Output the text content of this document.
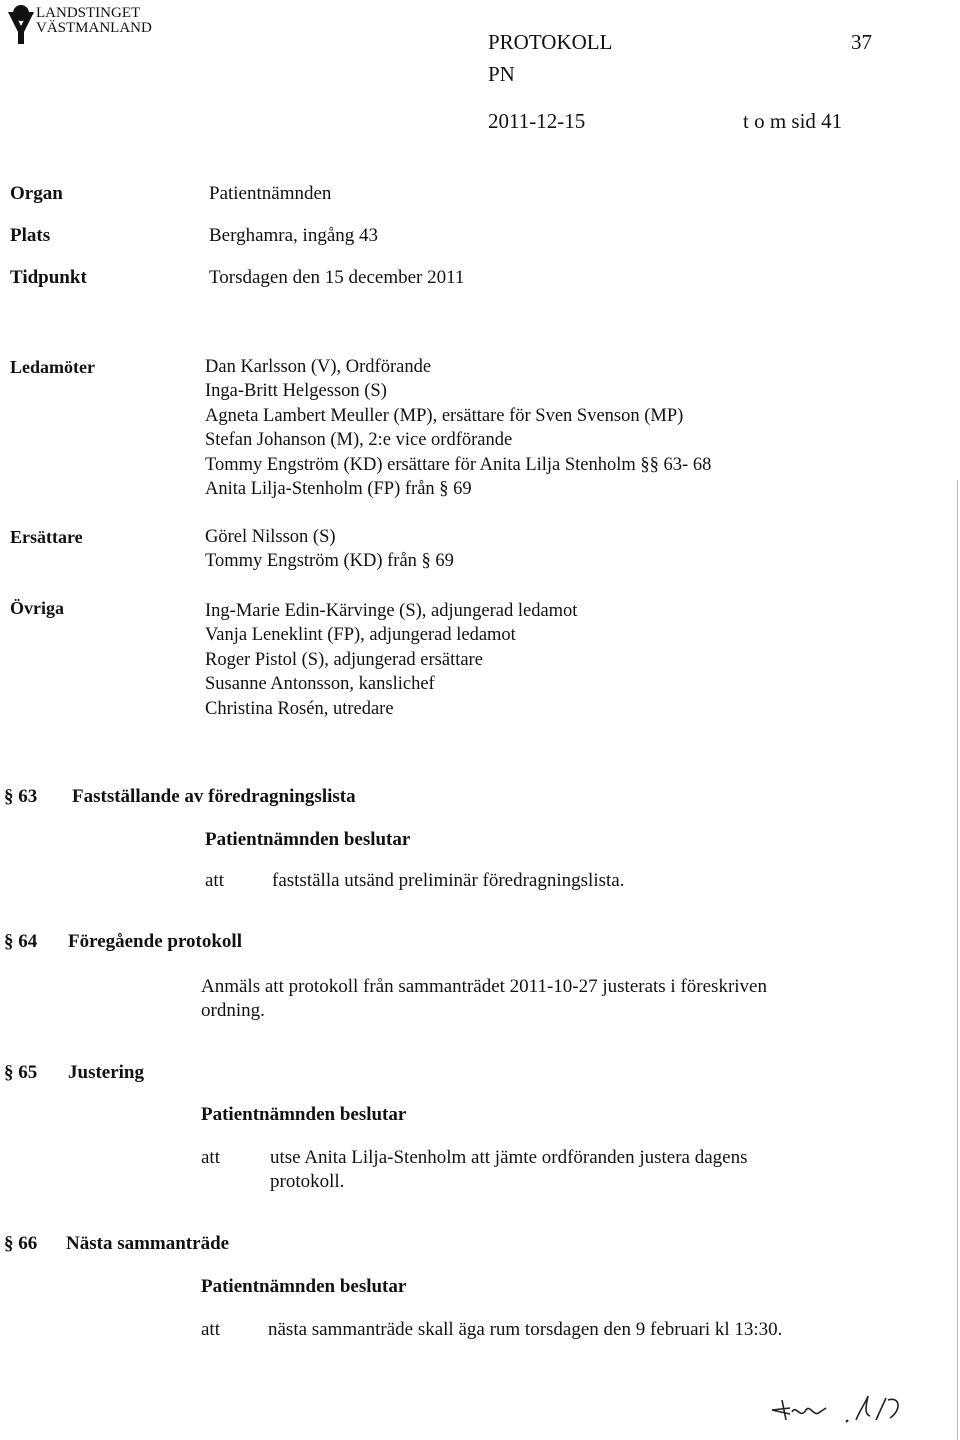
LANDSTINGET
VÄSTMANLAND
PROTOKOLL	37
PN
2011-12-15	t o m sid 41
Organ	Patientnämnden
Plats	Berghamra, ingång 43
Tidpunkt	Torsdagen den 15 december 2011
Ledamöter	Dan Karlsson (V), Ordförande
Inga-Britt Helgesson (S)
Agneta Lambert Meuller (MP), ersättare för Sven Svenson (MP)
Stefan Johanson (M), 2:e vice ordförande
Tommy Engström (KD) ersättare för Anita Lilja Stenholm §§ 63- 68
Anita Lilja-Stenholm (FP) från § 69
Ersättare	Görel Nilsson (S)
Tommy Engström (KD) från § 69
Övriga	Ing-Marie Edin-Kärvinge (S), adjungerad ledamot
Vanja Leneklint (FP), adjungerad ledamot
Roger Pistol (S), adjungerad ersättare
Susanne Antonsson, kanslichef
Christina Rosén, utredare
§ 63 Fastställande av föredragningslista
Patientnämnden beslutar
att	fastställa utsänd preliminär föredragningslista.
§ 64 Föregående protokoll
Anmäls att protokoll från sammanträdet 2011-10-27 justerats i föreskriven
ordning.
§ 65 Justering
Patientnämnden beslutar
att	utse Anita Lilja-Stenholm att jämte ordföranden justera dagens
protokoll.
§ 66 Nästa sammanträde
Patientnämnden beslutar
att	nästa sammanträde skall äga rum torsdagen den 9 februari kl 13:30.
